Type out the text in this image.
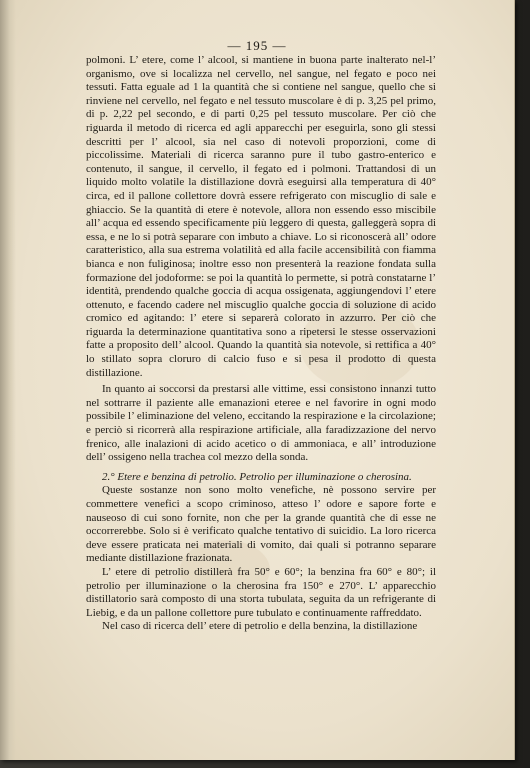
— 195 —

polmoni. L’ etere, come l’ alcool, si mantiene in buona parte inalterato nel-l’ organismo, ove si localizza nel cervello, nel sangue, nel fegato e poco nei tessuti. Fatta eguale ad 1 la quantità che si contiene nel sangue, quello che si rinviene nel cervello, nel fegato e nel tessuto muscolare è di p. 3,25 pel primo, di p. 2,22 pel secondo, e di parti 0,25 pel tessuto muscolare. Per ciò che riguarda il metodo di ricerca ed agli apparecchi per eseguirla, sono gli stessi descritti per l’ alcool, sia nel caso di notevoli proporzioni, come di piccolissime. Materiali di ricerca saranno pure il tubo gastro-enterico e contenuto, il sangue, il cervello, il fegato ed i polmoni. Trattandosi di un liquido molto volatile la distillazione dovrà eseguirsi alla temperatura di 40° circa, ed il pallone collettore dovrà essere refrigerato con miscuglio di sale e ghiaccio. Se la quantità di etere è notevole, allora non essendo esso miscibile all’ acqua ed essendo specificamente più leggero di questa, galleggerà sopra di essa, e ne lo si potrà separare con imbuto a chiave. Lo si riconoscerà all’ odore caratteristico, alla sua estrema volatilità ed alla facile accensibilità con fiamma bianca e non fuliginosa; inoltre esso non presenterà la reazione fondata sulla formazione del jodoforme: se poi la quantità lo permette, si potrà constatarne l’ identità, prendendo qualche goccia di acqua ossigenata, aggiungendovi l’ etere ottenuto, e facendo cadere nel miscuglio qualche goccia di soluzione di acido cromico ed agitando: l’ etere si separerà colorato in azzurro. Per ciò che riguarda la determinazione quantitativa sono a ripetersi le stesse osservazioni fatte a proposito dell’ alcool. Quando la quantità sia notevole, si rettifica a 40° lo stillato sopra cloruro di calcio fuso e si pesa il prodotto di questa distillazione.

In quanto ai soccorsi da prestarsi alle vittime, essi consistono innanzi tutto nel sottrarre il paziente alle emanazioni eteree e nel favorire in ogni modo possibile l’ eliminazione del veleno, eccitando la respirazione e la circolazione; e perciò si ricorrerà alla respirazione artificiale, alla faradizzazione del nervo frenico, alle inalazioni di acido acetico o di ammoniaca, e all’ introduzione dell’ ossigeno nella trachea col mezzo della sonda.

2.° Etere e benzina di petrolio. Petrolio per illuminazione o cherosina.

Queste sostanze non sono molto venefiche, nè possono servire per commettere venefici a scopo criminoso, atteso l’ odore e sapore forte e nauseoso di cui sono fornite, non che per la grande quantità che di esse ne occorrerebbe. Solo si è verificato qualche tentativo di suicidio. La loro ricerca deve essere praticata nei materiali di vomito, dai quali si potranno separare mediante distillazione frazionata.

L’ etere di petrolio distillerà fra 50° e 60°; la benzina fra 60° e 80°; il petrolio per illuminazione o la cherosina fra 150° e 270°. L’ apparecchio distillatorio sarà composto di una storta tubulata, seguita da un refrigerante di Liebig, e da un pallone collettore pure tubulato e continuamente raffreddato.

Nel caso di ricerca dell’ etere di petrolio e della benzina, la distillazione
